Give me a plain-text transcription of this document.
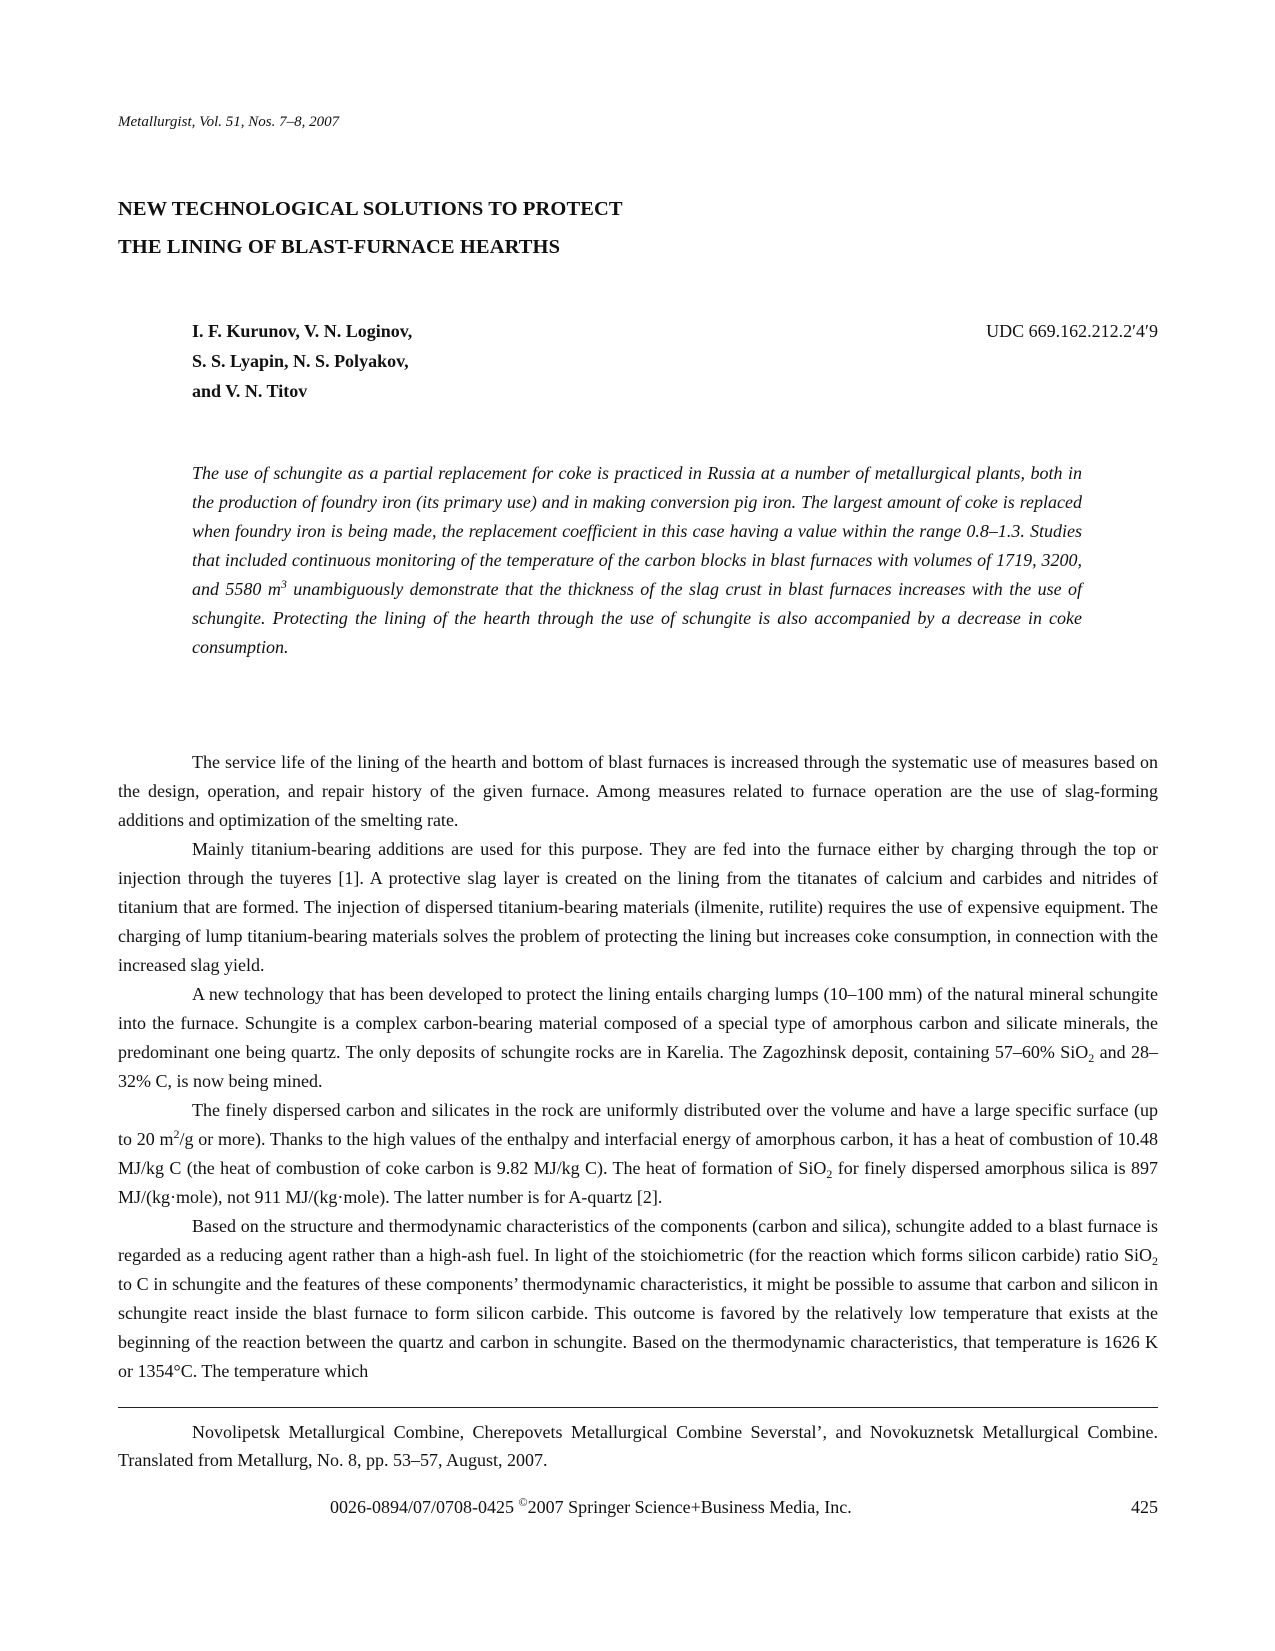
Metallurgist, Vol. 51, Nos. 7–8, 2007
NEW TECHNOLOGICAL SOLUTIONS TO PROTECT
THE LINING OF BLAST-FURNACE HEARTHS
I. F. Kurunov, V. N. Loginov,
S. S. Lyapin, N. S. Polyakov,
and V. N. Titov
UDC 669.162.212.2′4′9
The use of schungite as a partial replacement for coke is practiced in Russia at a number of metallurgical plants, both in the production of foundry iron (its primary use) and in making conversion pig iron. The largest amount of coke is replaced when foundry iron is being made, the replacement coefficient in this case having a value within the range 0.8–1.3. Studies that included continuous monitoring of the temperature of the carbon blocks in blast furnaces with volumes of 1719, 3200, and 5580 $m^3$ unambiguously demonstrate that the thickness of the slag crust in blast furnaces increases with the use of schungite. Protecting the lining of the hearth through the use of schungite is also accompanied by a decrease in coke consumption.

The service life of the lining of the hearth and bottom of blast furnaces is increased through the systematic use of measures based on the design, operation, and repair history of the given furnace. Among measures related to furnace operation are the use of slag-forming additions and optimization of the smelting rate.

Mainly titanium-bearing additions are used for this purpose. They are fed into the furnace either by charging through the top or injection through the tuyeres [1]. A protective slag layer is created on the lining from the titanates of calcium and carbides and nitrides of titanium that are formed. The injection of dispersed titanium-bearing materials (ilmenite, rutilite) requires the use of expensive equipment. The charging of lump titanium-bearing materials solves the problem of protecting the lining but increases coke consumption, in connection with the increased slag yield.

A new technology that has been developed to protect the lining entails charging lumps (10–100 mm) of the natural mineral schungite into the furnace. Schungite is a complex carbon-bearing material composed of a special type of amorphous carbon and silicate minerals, the predominant one being quartz. The only deposits of schungite rocks are in Karelia. The Zagozhinsk deposit, containing 57–60% SiO$_2$ and 28–32% C, is now being mined.

The finely dispersed carbon and silicates in the rock are uniformly distributed over the volume and have a large specific surface (up to 20 $m^2/g$ or more). Thanks to the high values of the enthalpy and interfacial energy of amorphous carbon, it has a heat of combustion of 10.48 MJ/kg C (the heat of combustion of coke carbon is 9.82 MJ/kg C). The heat of formation of SiO$_2$ for finely dispersed amorphous silica is 897 MJ/(kg·mole), not 911 MJ/(kg·mole). The latter number is for A-quartz [2].

Based on the structure and thermodynamic characteristics of the components (carbon and silica), schungite added to a blast furnace is regarded as a reducing agent rather than a high-ash fuel. In light of the stoichiometric (for the reaction which forms silicon carbide) ratio SiO$_2$ to C in schungite and the features of these components’ thermodynamic characteristics, it might be possible to assume that carbon and silicon in schungite react inside the blast furnace to form silicon carbide. This outcome is favored by the relatively low temperature that exists at the beginning of the reaction between the quartz and carbon in schungite. Based on the thermodynamic characteristics, that temperature is 1626 K or 1354°C. The temperature which

Novolipetsk Metallurgical Combine, Cherepovets Metallurgical Combine Severstal’, and Novokuznetsk Metallurgical Combine. Translated from Metallurg, No. 8, pp. 53–57, August, 2007.

0026-0894/07/0708-0425 ©2007 Springer Science+Business Media, Inc.	425
